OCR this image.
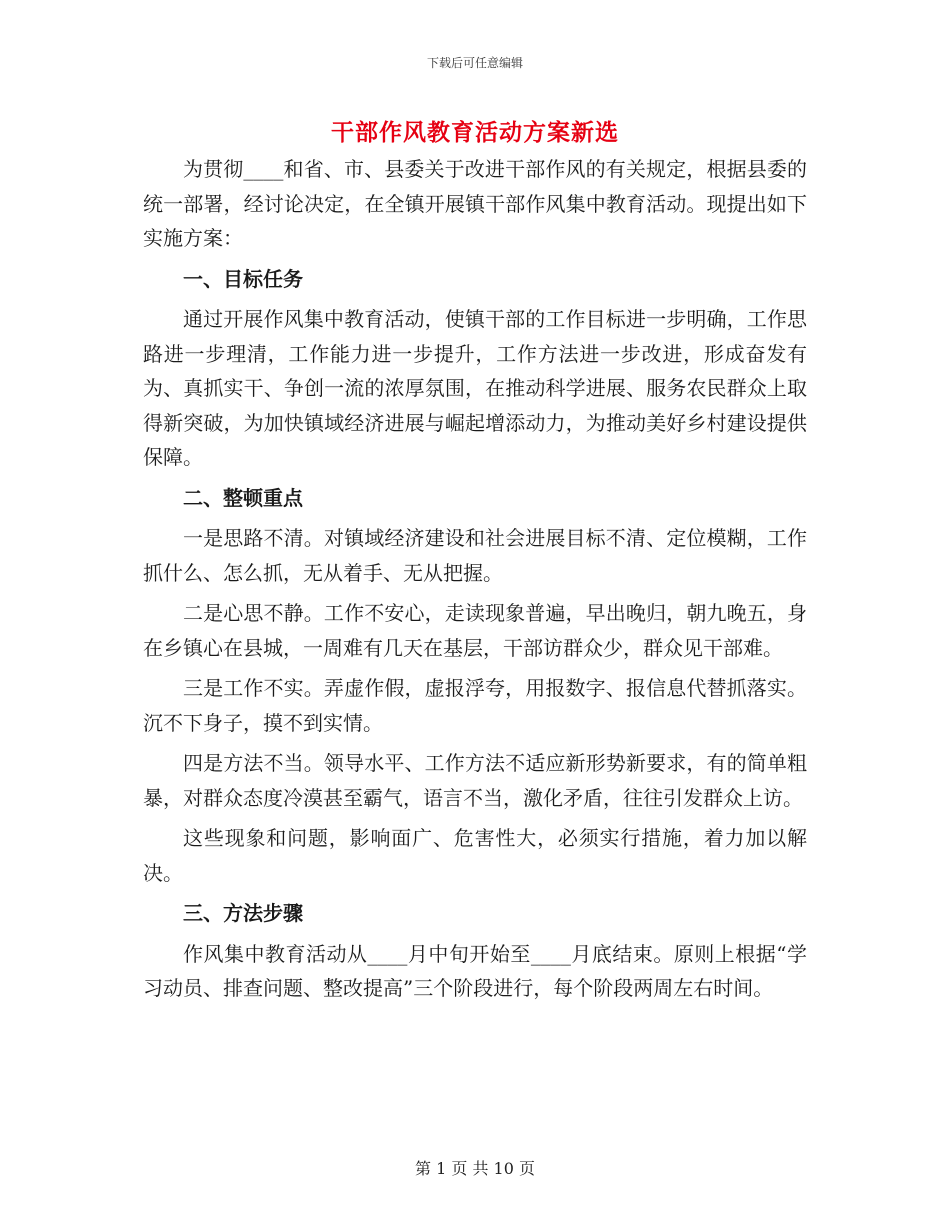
下载后可任意编辑
干部作风教育活动方案新选

为贯彻____和省、市、县委关于改进干部作风的有关规定，根据县委的统一部署，经讨论决定，在全镇开展镇干部作风集中教育活动。现提出如下实施方案：

一、目标任务

通过开展作风集中教育活动，使镇干部的工作目标进一步明确，工作思路进一步理清，工作能力进一步提升，工作方法进一步改进，形成奋发有为、真抓实干、争创一流的浓厚氛围，在推动科学进展、服务农民群众上取得新突破，为加快镇域经济进展与崛起增添动力，为推动美好乡村建设提供保障。

二、整顿重点

一是思路不清。对镇域经济建设和社会进展目标不清、定位模糊，工作抓什么、怎么抓，无从着手、无从把握。

二是心思不静。工作不安心，走读现象普遍，早出晚归，朝九晚五，身在乡镇心在县城，一周难有几天在基层，干部访群众少，群众见干部难。

三是工作不实。弄虚作假，虚报浮夸，用报数字、报信息代替抓落实。沉不下身子，摸不到实情。

四是方法不当。领导水平、工作方法不适应新形势新要求，有的简单粗暴，对群众态度冷漠甚至霸气，语言不当，激化矛盾，往往引发群众上访。

这些现象和问题，影响面广、危害性大，必须实行措施，着力加以解决。

三、方法步骤

作风集中教育活动从____月中旬开始至____月底结束。原则上根据“学习动员、排查问题、整改提高”三个阶段进行，每个阶段两周左右时间。

第 1 页 共 10 页
